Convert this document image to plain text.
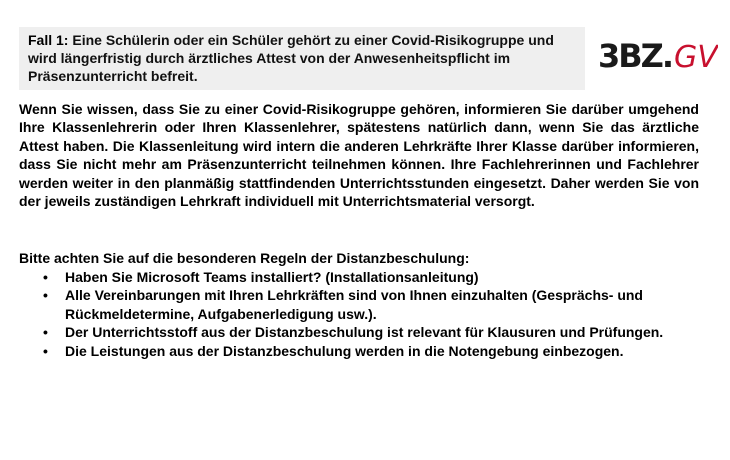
Fall 1: Eine Schülerin oder ein Schüler gehört zu einer Covid-Risikogruppe und wird längerfristig durch ärztliches Attest von der Anwesenheitspflicht im Präsenzunterricht befreit.
3BZ. GV
Wenn Sie wissen, dass Sie zu einer Covid-Risikogruppe gehören, informieren Sie darüber umgehend Ihre Klassenlehrerin oder Ihren Klassenlehrer, spätestens natürlich dann, wenn Sie das ärztliche Attest haben. Die Klassenleitung wird intern die anderen Lehrkräfte Ihrer Klasse darüber informieren, dass Sie nicht mehr am Präsenzunterricht teilnehmen können. Ihre Fachlehrerinnen und Fachlehrer werden weiter in den planmäßig stattfindenden Unterrichtsstunden eingesetzt. Daher werden Sie von der jeweils zuständigen Lehrkraft individuell mit Unterrichtsmaterial versorgt.
Bitte achten Sie auf die besonderen Regeln der Distanzbeschulung:
• Haben Sie Microsoft Teams installiert? (Installationsanleitung)
• Alle Vereinbarungen mit Ihren Lehrkräften sind von Ihnen einzuhalten (Gesprächs- und Rückmeldetermine, Aufgabenerledigung usw.).
• Der Unterrichtsstoff aus der Distanzbeschulung ist relevant für Klausuren und Prüfungen.
• Die Leistungen aus der Distanzbeschulung werden in die Notengebung einbezogen.
